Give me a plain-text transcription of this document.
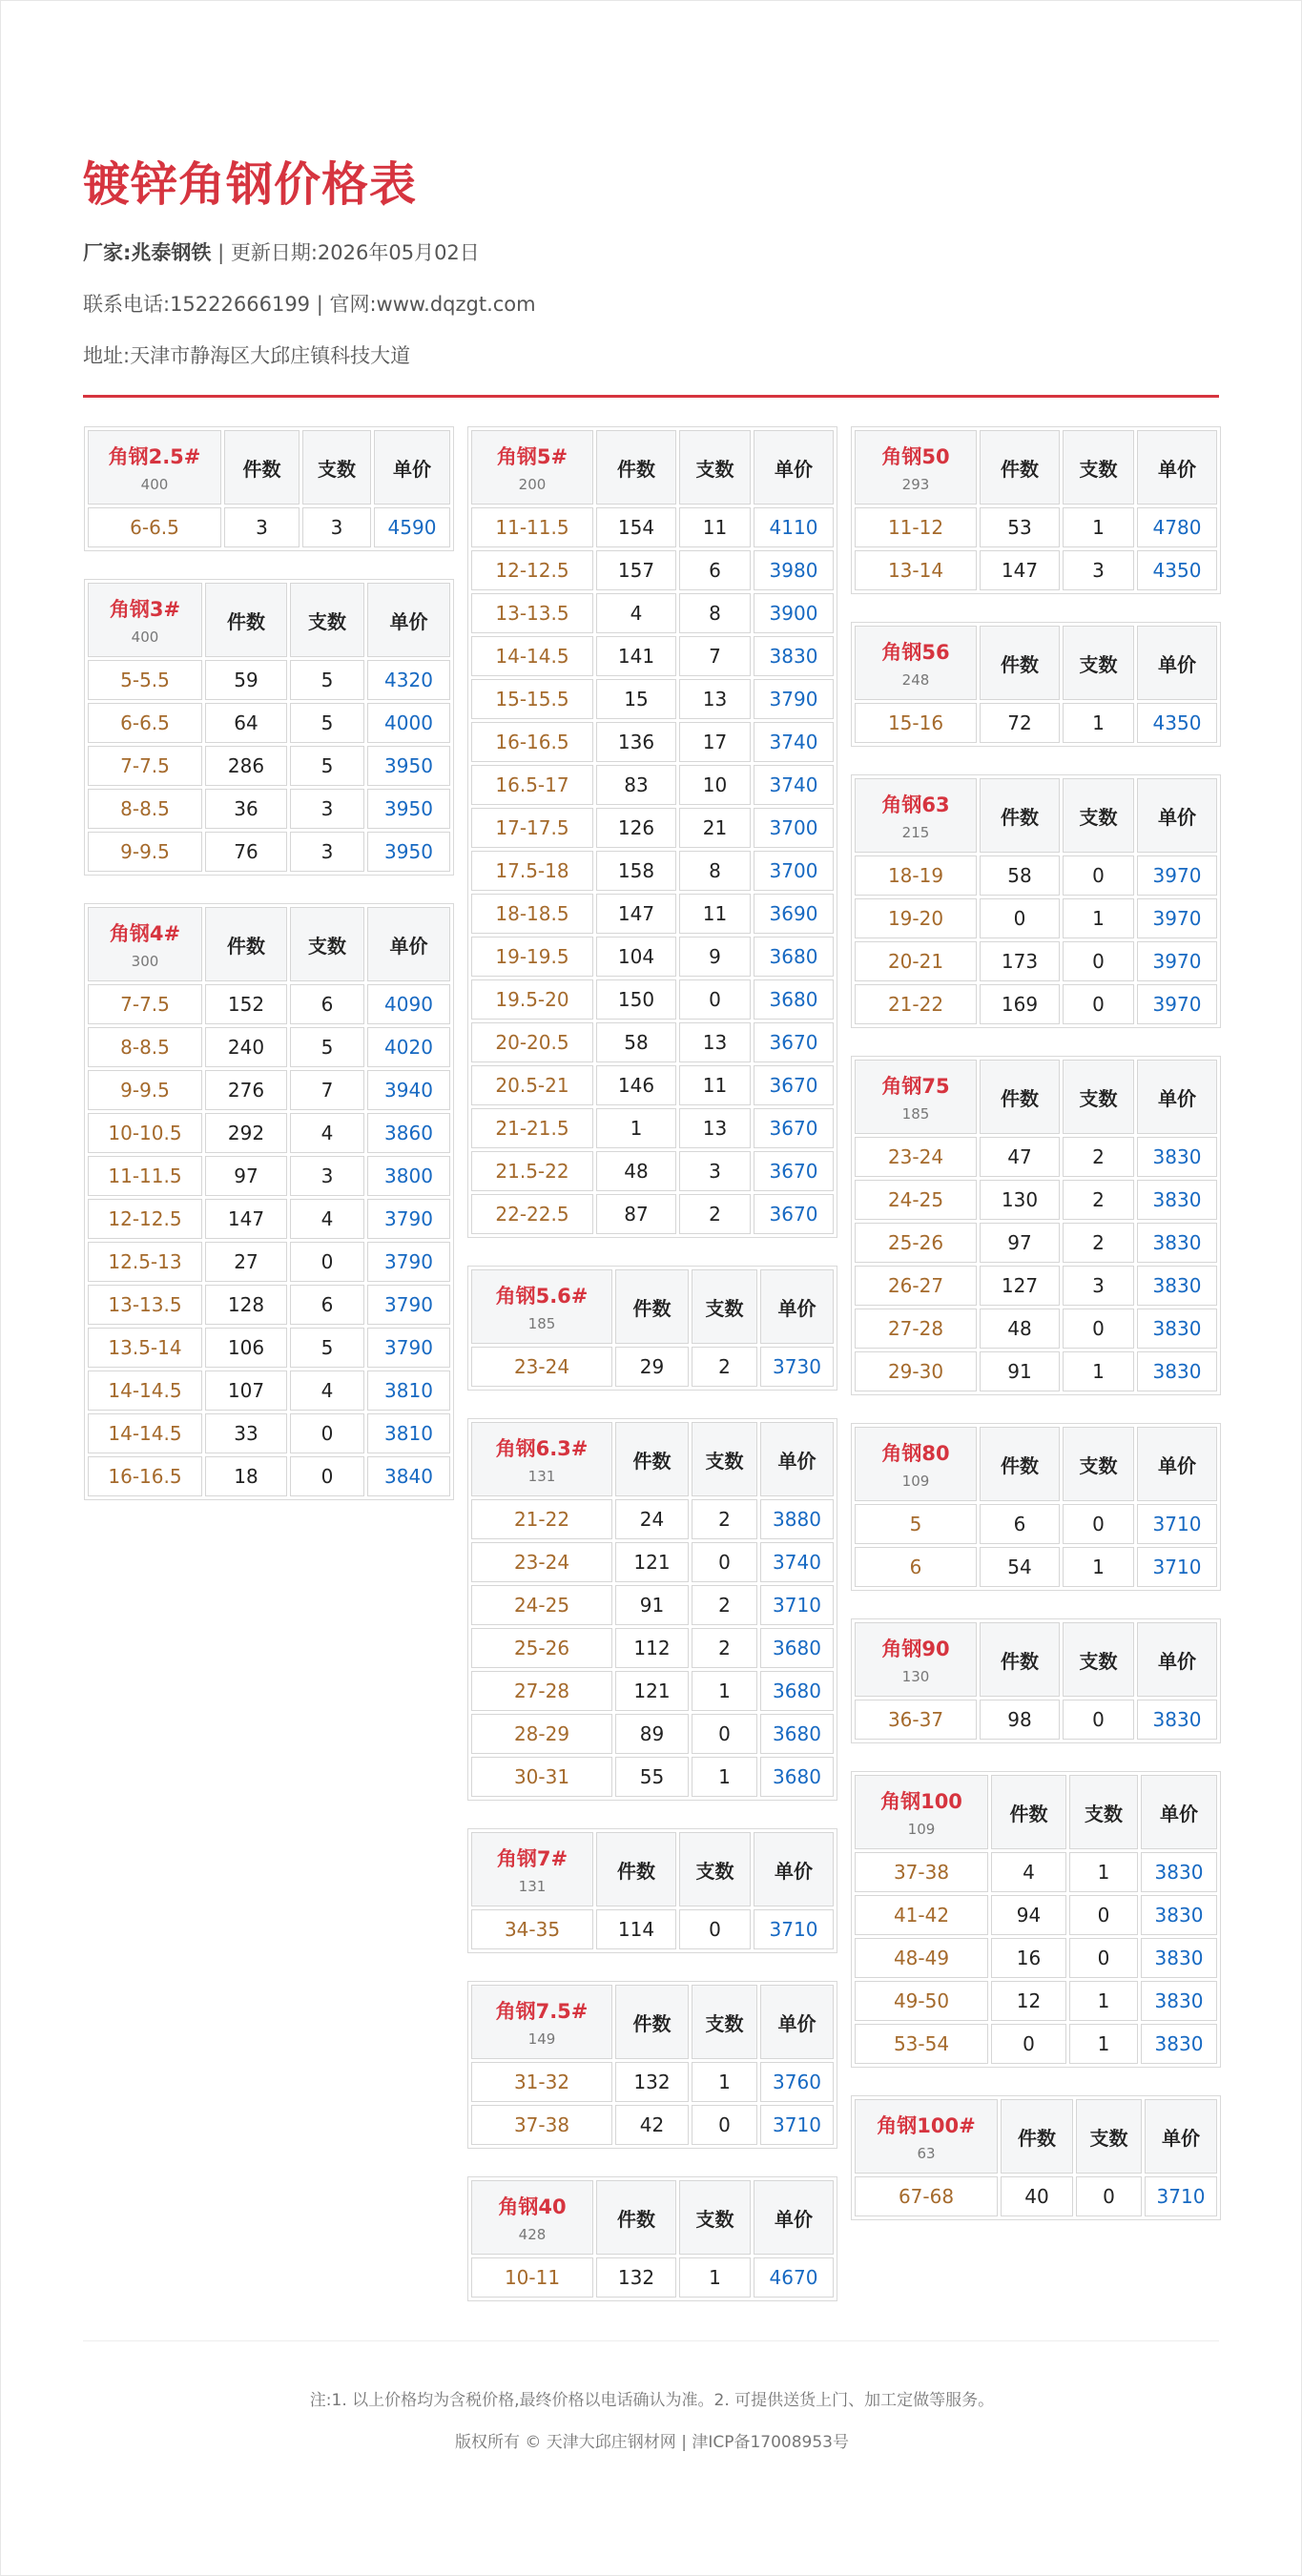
镀锌角钢价格表
厂家:兆泰钢铁 | 更新日期:2026年05月02日
联系电话:15222666199 | 官网:www.dqzgt.com
地址:天津市静海区大邱庄镇科技大道
角钢2.5#
400	件数	支数	单价
6-6.5	3	3	4590
角钢3#
400	件数	支数	单价
5-5.5	59	5	4320
6-6.5	64	5	4000
7-7.5	286	5	3950
8-8.5	36	3	3950
9-9.5	76	3	3950
角钢4#
300	件数	支数	单价
7-7.5	152	6	4090
8-8.5	240	5	4020
9-9.5	276	7	3940
10-10.5	292	4	3860
11-11.5	97	3	3800
12-12.5	147	4	3790
12.5-13	27	0	3790
13-13.5	128	6	3790
13.5-14	106	5	3790
14-14.5	107	4	3810
14-14.5	33	0	3810
16-16.5	18	0	3840
角钢5#
200	件数	支数	单价
11-11.5	154	11	4110
12-12.5	157	6	3980
13-13.5	4	8	3900
14-14.5	141	7	3830
15-15.5	15	13	3790
16-16.5	136	17	3740
16.5-17	83	10	3740
17-17.5	126	21	3700
17.5-18	158	8	3700
18-18.5	147	11	3690
19-19.5	104	9	3680
19.5-20	150	0	3680
20-20.5	58	13	3670
20.5-21	146	11	3670
21-21.5	1	13	3670
21.5-22	48	3	3670
22-22.5	87	2	3670
角钢5.6#
185	件数	支数	单价
23-24	29	2	3730
角钢6.3#
131	件数	支数	单价
21-22	24	2	3880
23-24	121	0	3740
24-25	91	2	3710
25-26	112	2	3680
27-28	121	1	3680
28-29	89	0	3680
30-31	55	1	3680
角钢7#
131	件数	支数	单价
34-35	114	0	3710
角钢7.5#
149	件数	支数	单价
31-32	132	1	3760
37-38	42	0	3710
角钢40
428	件数	支数	单价
10-11	132	1	4670
角钢50
293	件数	支数	单价
11-12	53	1	4780
13-14	147	3	4350
角钢56
248	件数	支数	单价
15-16	72	1	4350
角钢63
215	件数	支数	单价
18-19	58	0	3970
19-20	0	1	3970
20-21	173	0	3970
21-22	169	0	3970
角钢75
185	件数	支数	单价
23-24	47	2	3830
24-25	130	2	3830
25-26	97	2	3830
26-27	127	3	3830
27-28	48	0	3830
29-30	91	1	3830
角钢80
109	件数	支数	单价
5	6	0	3710
6	54	1	3710
角钢90
130	件数	支数	单价
36-37	98	0	3830
角钢100
109	件数	支数	单价
37-38	4	1	3830
41-42	94	0	3830
48-49	16	0	3830
49-50	12	1	3830
53-54	0	1	3830
角钢100#
63	件数	支数	单价
67-68	40	0	3710
注:1. 以上价格均为含税价格,最终价格以电话确认为准。2. 可提供送货上门、加工定做等服务。
版权所有 © 天津大邱庄钢材网 | 津ICP备17008953号
